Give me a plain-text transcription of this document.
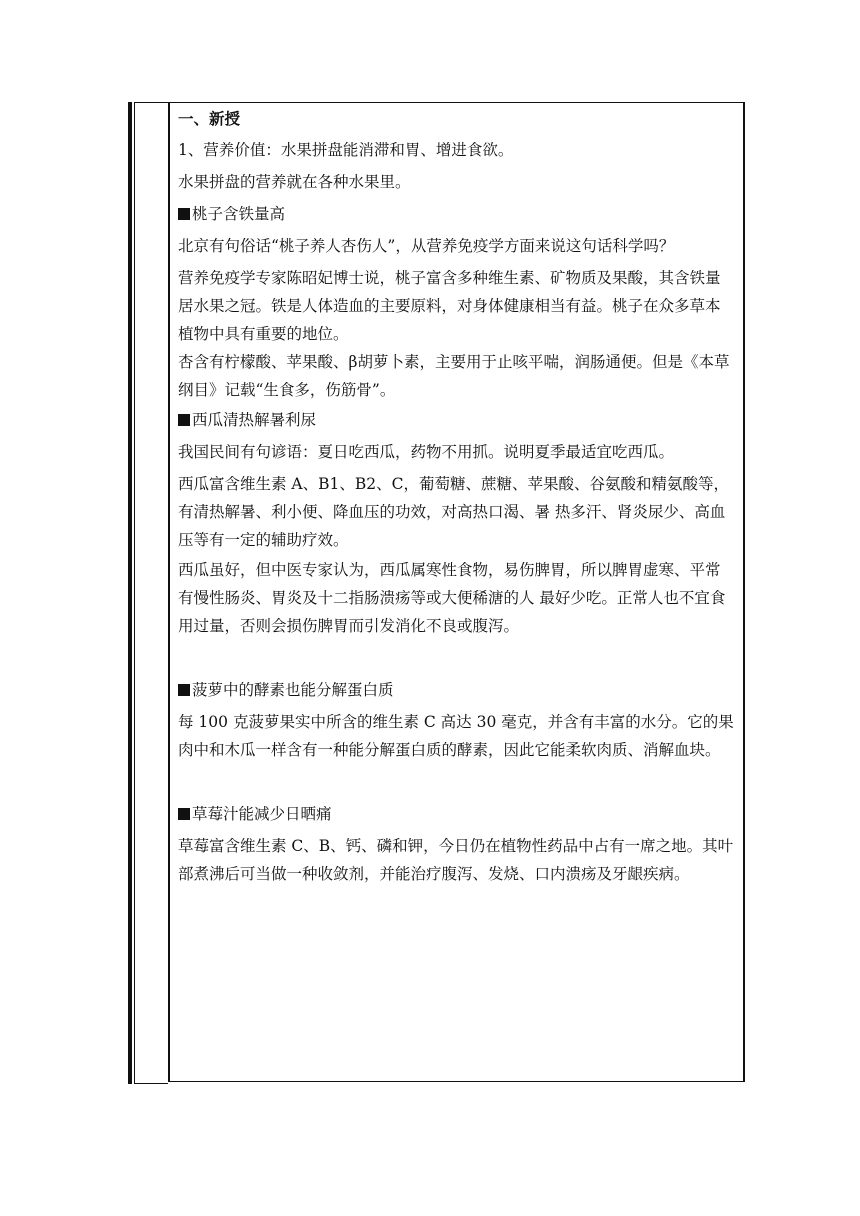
一、新授

1、营养价值：水果拼盘能消滞和胃、增进食欲。

水果拼盘的营养就在各种水果里。

桃子含铁量高

北京有句俗话“桃子养人杏伤人”，从营养免疫学方面来说这句话科学吗？

营养免疫学专家陈昭妃博士说，桃子富含多种维生素、矿物质及果酸，其含铁量居水果之冠。铁是人体造血的主要原料，对身体健康相当有益。桃子在众多草本植物中具有重要的地位。

杏含有柠檬酸、苹果酸、β胡萝卜素，主要用于止咳平喘，润肠通便。但是《本草纲目》记载“生食多，伤筋骨”。

西瓜清热解暑利尿

我国民间有句谚语：夏日吃西瓜，药物不用抓。说明夏季最适宜吃西瓜。

西瓜富含维生素 A、B1、B2、C，葡萄糖、蔗糖、苹果酸、谷氨酸和精氨酸等，有清热解暑、利小便、降血压的功效，对高热口渴、暑 热多汗、肾炎尿少、高血压等有一定的辅助疗效。

西瓜虽好，但中医专家认为，西瓜属寒性食物，易伤脾胃，所以脾胃虚寒、平常有慢性肠炎、胃炎及十二指肠溃疡等或大便稀溏的人 最好少吃。正常人也不宜食用过量，否则会损伤脾胃而引发消化不良或腹泻。

菠萝中的酵素也能分解蛋白质

每 100 克菠萝果实中所含的维生素 C 高达 30 毫克，并含有丰富的水分。它的果肉中和木瓜一样含有一种能分解蛋白质的酵素，因此它能柔软肉质、消解血块。

草莓汁能减少日晒痛

草莓富含维生素 C、B、钙、磷和钾，今日仍在植物性药品中占有一席之地。其叶部煮沸后可当做一种收敛剂，并能治疗腹泻、发烧、口内溃疡及牙龈疾病。
